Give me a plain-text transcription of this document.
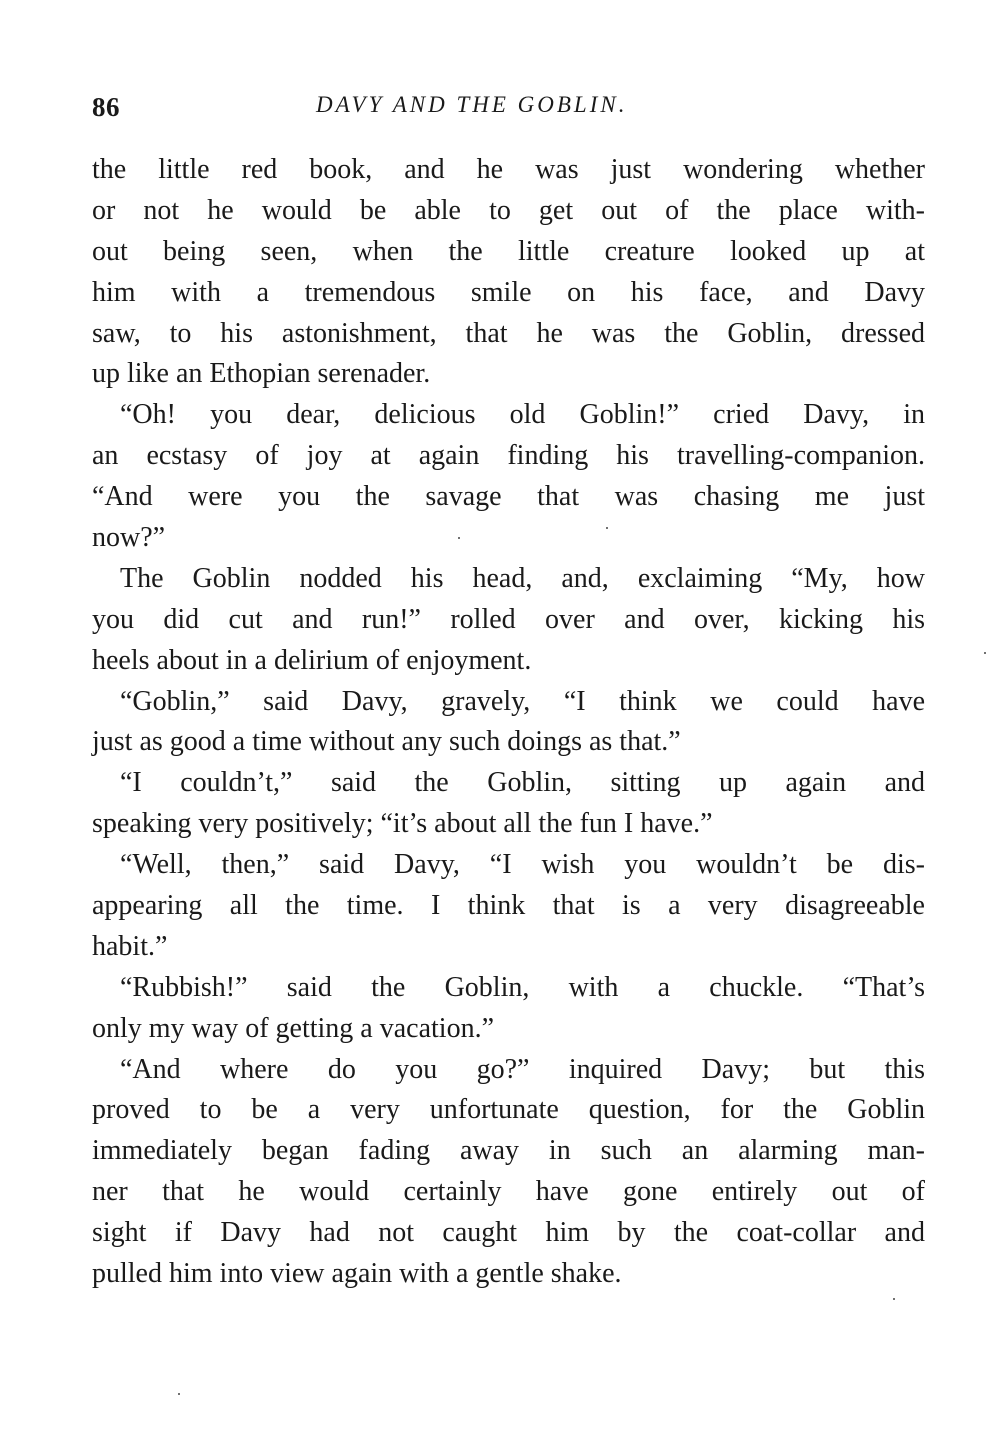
86	DAVY AND THE GOBLIN.
the little red book, and he was just wondering whether
or not he would be able to get out of the place with-
out being seen, when the little creature looked up at
him with a tremendous smile on his face, and Davy
saw, to his astonishment, that he was the Goblin, dressed
up like an Ethopian serenader.
“Oh! you dear, delicious old Goblin!” cried Davy, in
an ecstasy of joy at again finding his travelling-companion.
“And were you the savage that was chasing me just
now?”
The Goblin nodded his head, and, exclaiming “My, how
you did cut and run!” rolled over and over, kicking his
heels about in a delirium of enjoyment.
“Goblin,” said Davy, gravely, “I think we could have
just as good a time without any such doings as that.”
“I couldn’t,” said the Goblin, sitting up again and
speaking very positively; “it’s about all the fun I have.”
“Well, then,” said Davy, “I wish you wouldn’t be dis-
appearing all the time. I think that is a very disagreeable
habit.”
“Rubbish!” said the Goblin, with a chuckle. “That’s
only my way of getting a vacation.”
“And where do you go?” inquired Davy; but this
proved to be a very unfortunate question, for the Goblin
immediately began fading away in such an alarming man-
ner that he would certainly have gone entirely out of
sight if Davy had not caught him by the coat-collar and
pulled him into view again with a gentle shake.
